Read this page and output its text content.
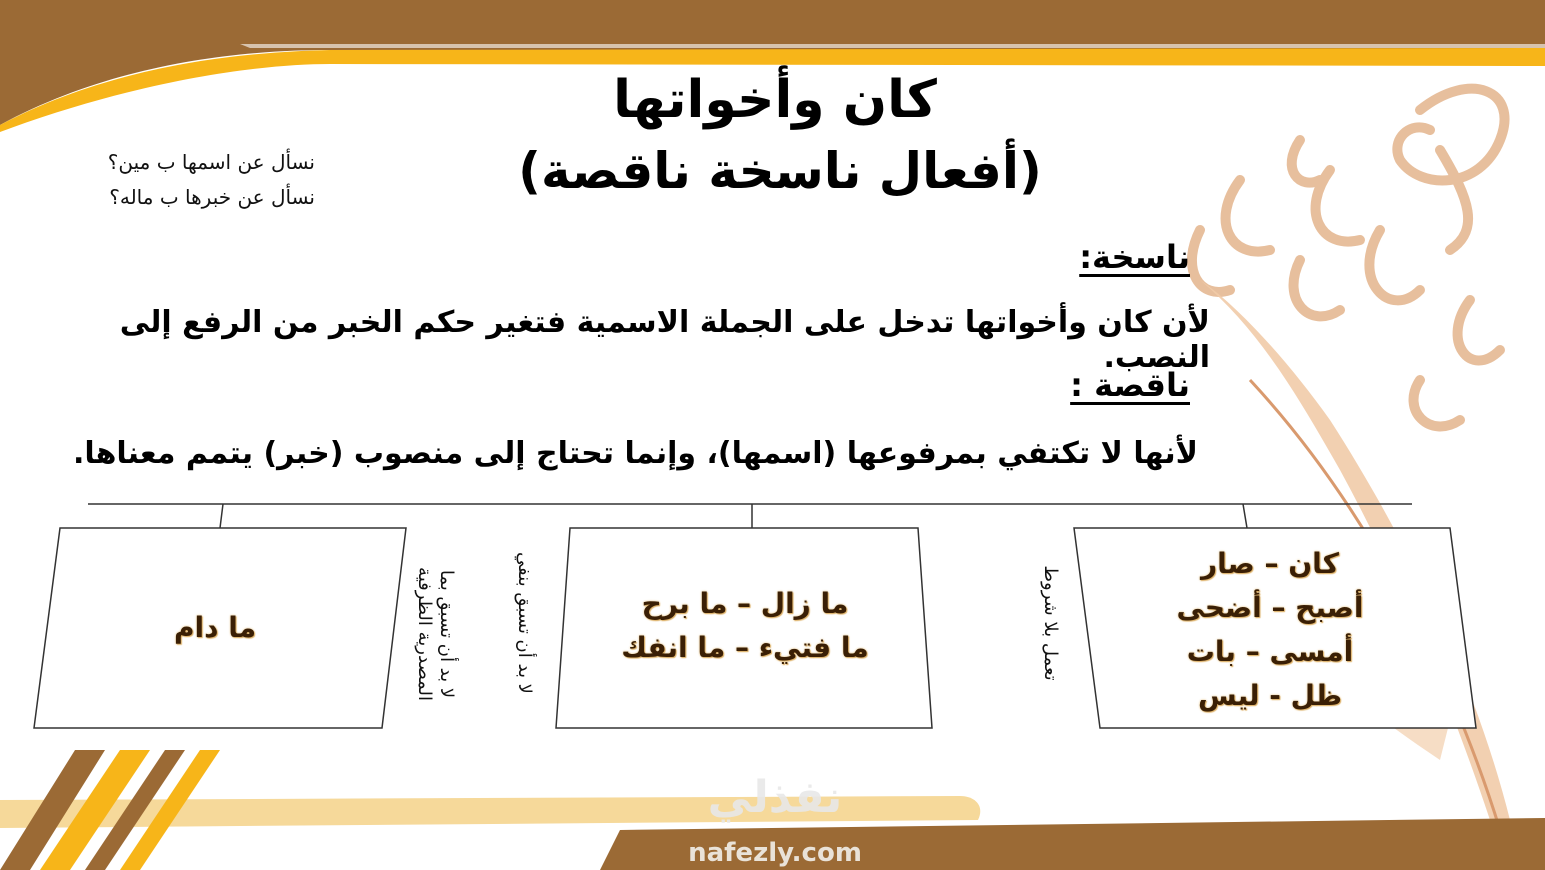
كان وأخواتها
(أفعال ناسخة ناقصة)
نسأل عن اسمها ب مين؟
نسأل عن خبرها ب ماله؟
ناسخة:
لأن كان وأخواتها تدخل على الجملة الاسمية فتغير حكم الخبر من الرفع إلى النصب.
ناقصة :
لأنها لا تكتفي بمرفوعها (اسمها)، وإنما تحتاج إلى منصوب (خبر) يتمم معناها.
كان – صار
أصبح – أضحى
أمسى – بات
ظل - ليس
ما زال – ما برح
ما فتيء – ما انفك
ما دام	تعمل بلا شروط
لا بد أن تسبق بنفي
لا بد أن تسبق بما
المصدرية الظرفية
نفذلي
nafezly.com
